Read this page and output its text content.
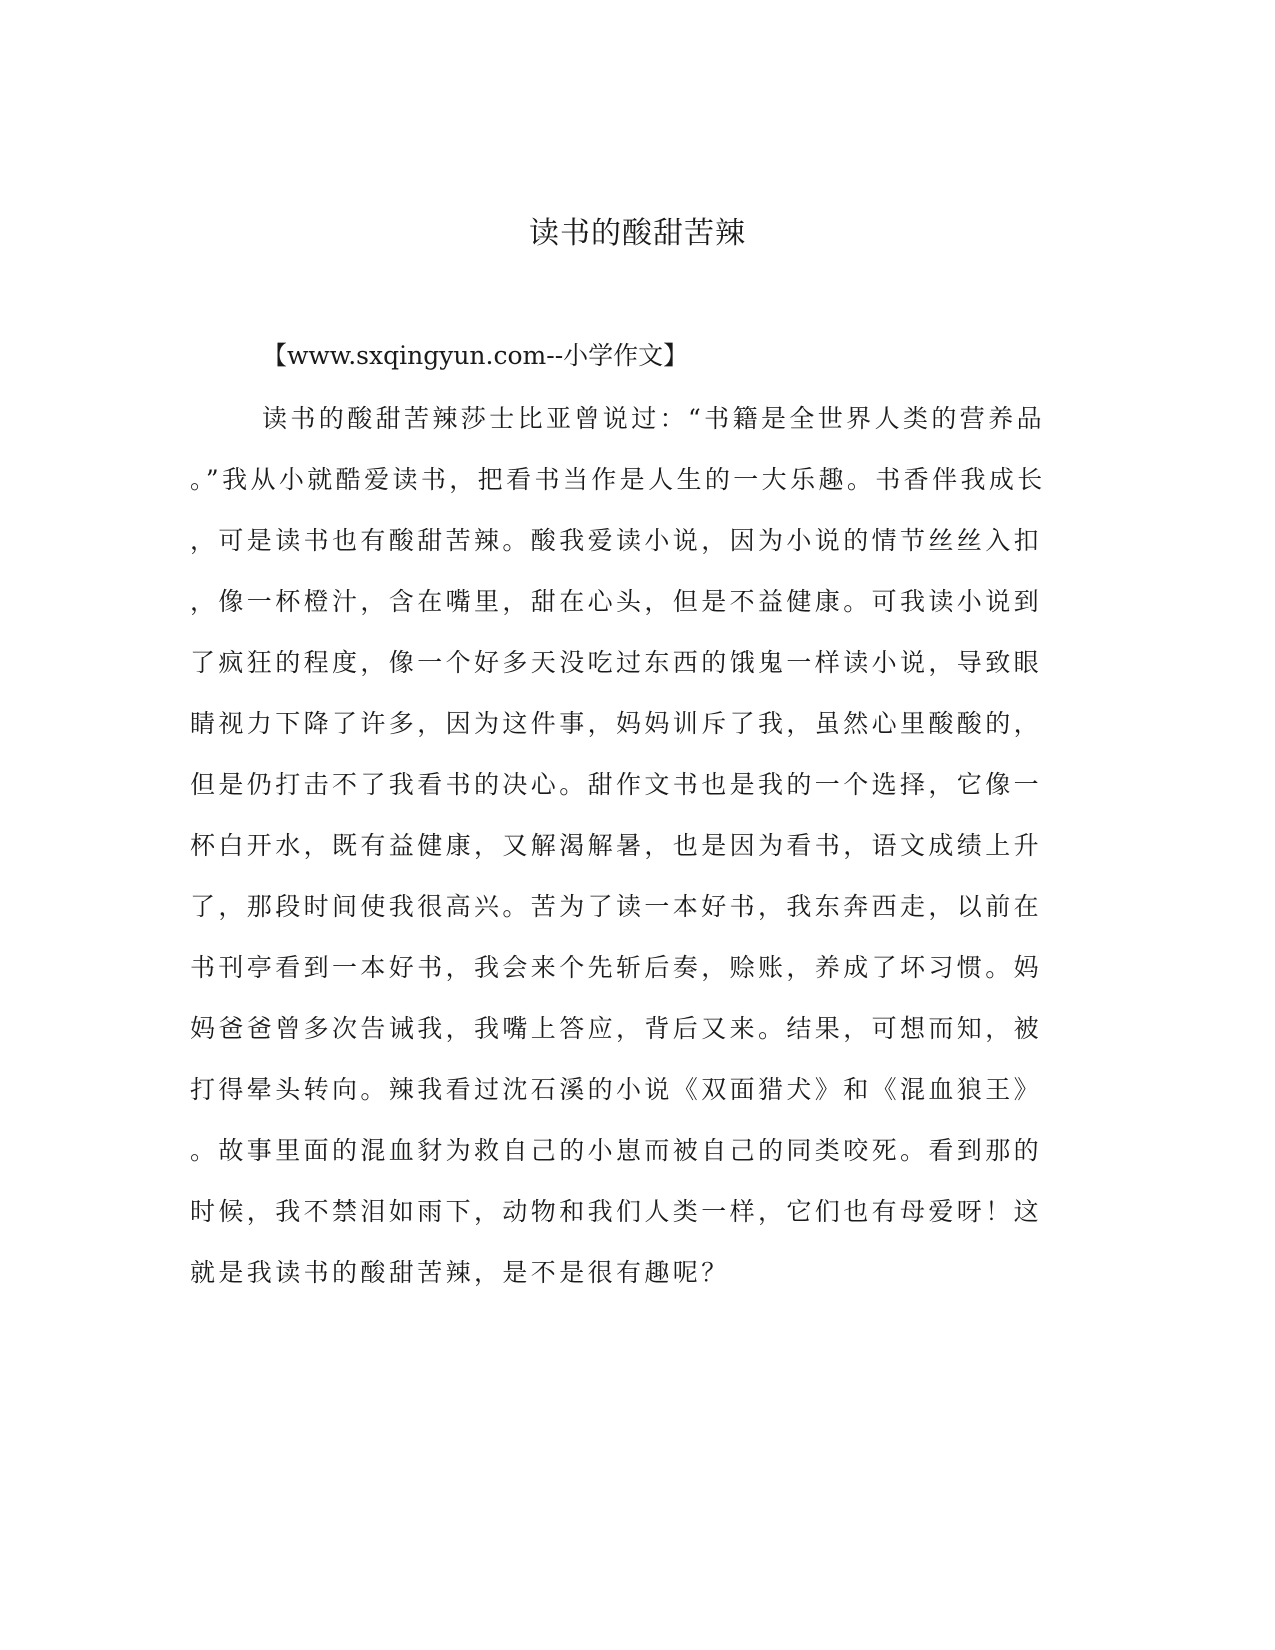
读书的酸甜苦辣

【www.sxqingyun.com--小学作文】

读书的酸甜苦辣莎士比亚曾说过：“书籍是全世界人类的营养品
。”我从小就酷爱读书，把看书当作是人生的一大乐趣。书香伴我成长
，可是读书也有酸甜苦辣。酸我爱读小说，因为小说的情节丝丝入扣
，像一杯橙汁，含在嘴里，甜在心头，但是不益健康。可我读小说到
了疯狂的程度，像一个好多天没吃过东西的饿鬼一样读小说，导致眼
睛视力下降了许多，因为这件事，妈妈训斥了我，虽然心里酸酸的，
但是仍打击不了我看书的决心。甜作文书也是我的一个选择，它像一
杯白开水，既有益健康，又解渴解暑，也是因为看书，语文成绩上升
了，那段时间使我很高兴。苦为了读一本好书，我东奔西走，以前在
书刊亭看到一本好书，我会来个先斩后奏，赊账，养成了坏习惯。妈
妈爸爸曾多次告诫我，我嘴上答应，背后又来。结果，可想而知，被
打得晕头转向。辣我看过沈石溪的小说《双面猎犬》和《混血狼王》
。故事里面的混血豺为救自己的小崽而被自己的同类咬死。看到那的
时候，我不禁泪如雨下，动物和我们人类一样，它们也有母爱呀！这
就是我读书的酸甜苦辣，是不是很有趣呢？
